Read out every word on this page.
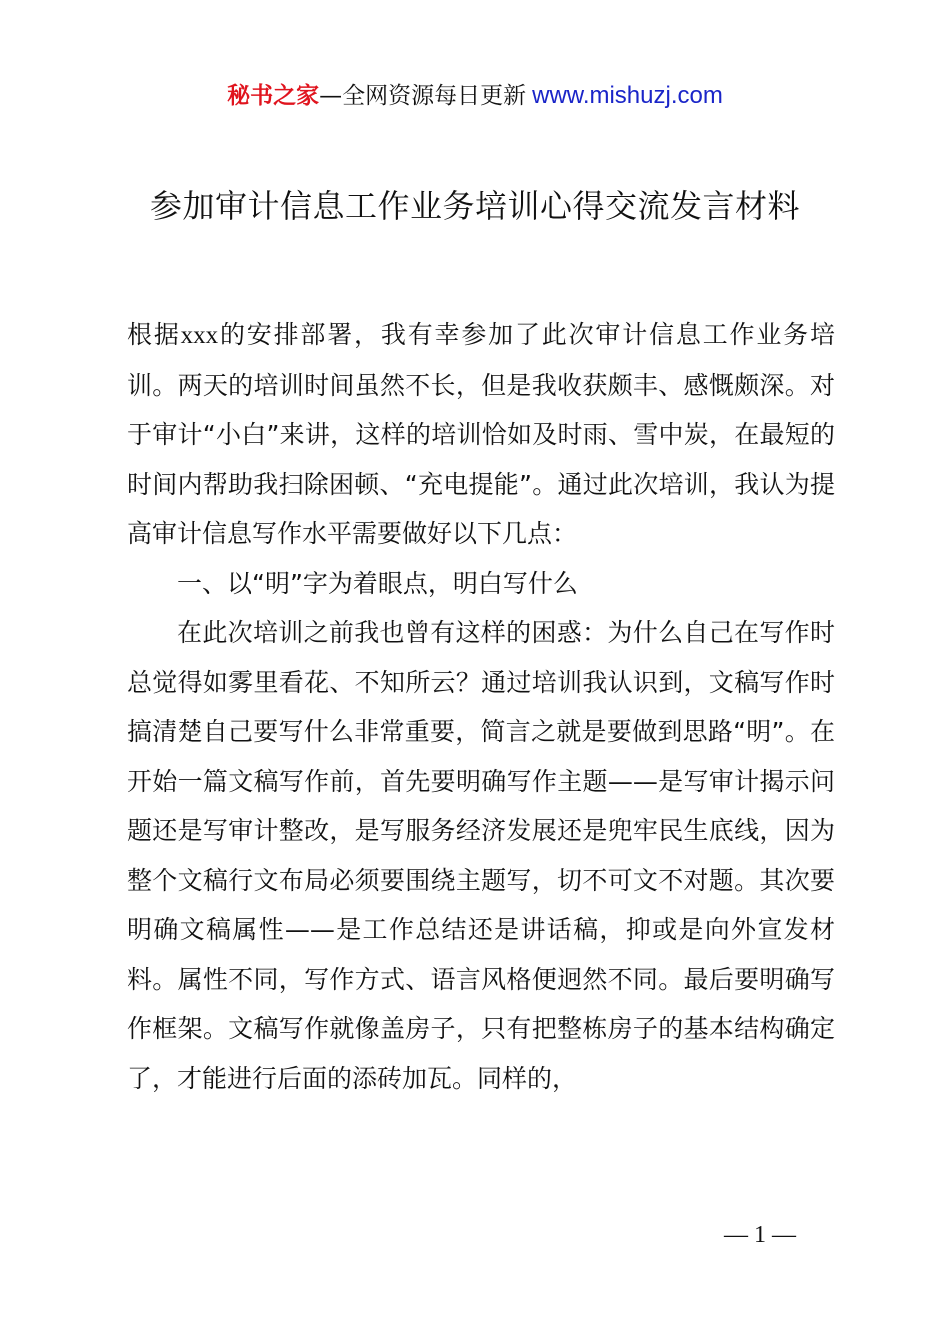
秘书之家—全网资源每日更新 www.mishuzj.com
参加审计信息工作业务培训心得交流发言材料

根据xxx的安排部署，我有幸参加了此次审计信息工作业务培训。两天的培训时间虽然不长，但是我收获颇丰、感慨颇深。对于审计“小白”来讲，这样的培训恰如及时雨、雪中炭，在最短的时间内帮助我扫除困顿、“充电提能”。通过此次培训，我认为提高审计信息写作水平需要做好以下几点：

一、以“明”字为着眼点，明白写什么

在此次培训之前我也曾有这样的困惑：为什么自己在写作时总觉得如雾里看花、不知所云？通过培训我认识到，文稿写作时搞清楚自己要写什么非常重要，简言之就是要做到思路“明”。在开始一篇文稿写作前，首先要明确写作主题——是写审计揭示问题还是写审计整改，是写服务经济发展还是兜牢民生底线，因为整个文稿行文布局必须要围绕主题写，切不可文不对题。其次要明确文稿属性——是工作总结还是讲话稿，抑或是向外宣发材料。属性不同，写作方式、语言风格便迥然不同。最后要明确写作框架。文稿写作就像盖房子，只有把整栋房子的基本结构确定了，才能进行后面的添砖加瓦。同样的，

— 1 —
